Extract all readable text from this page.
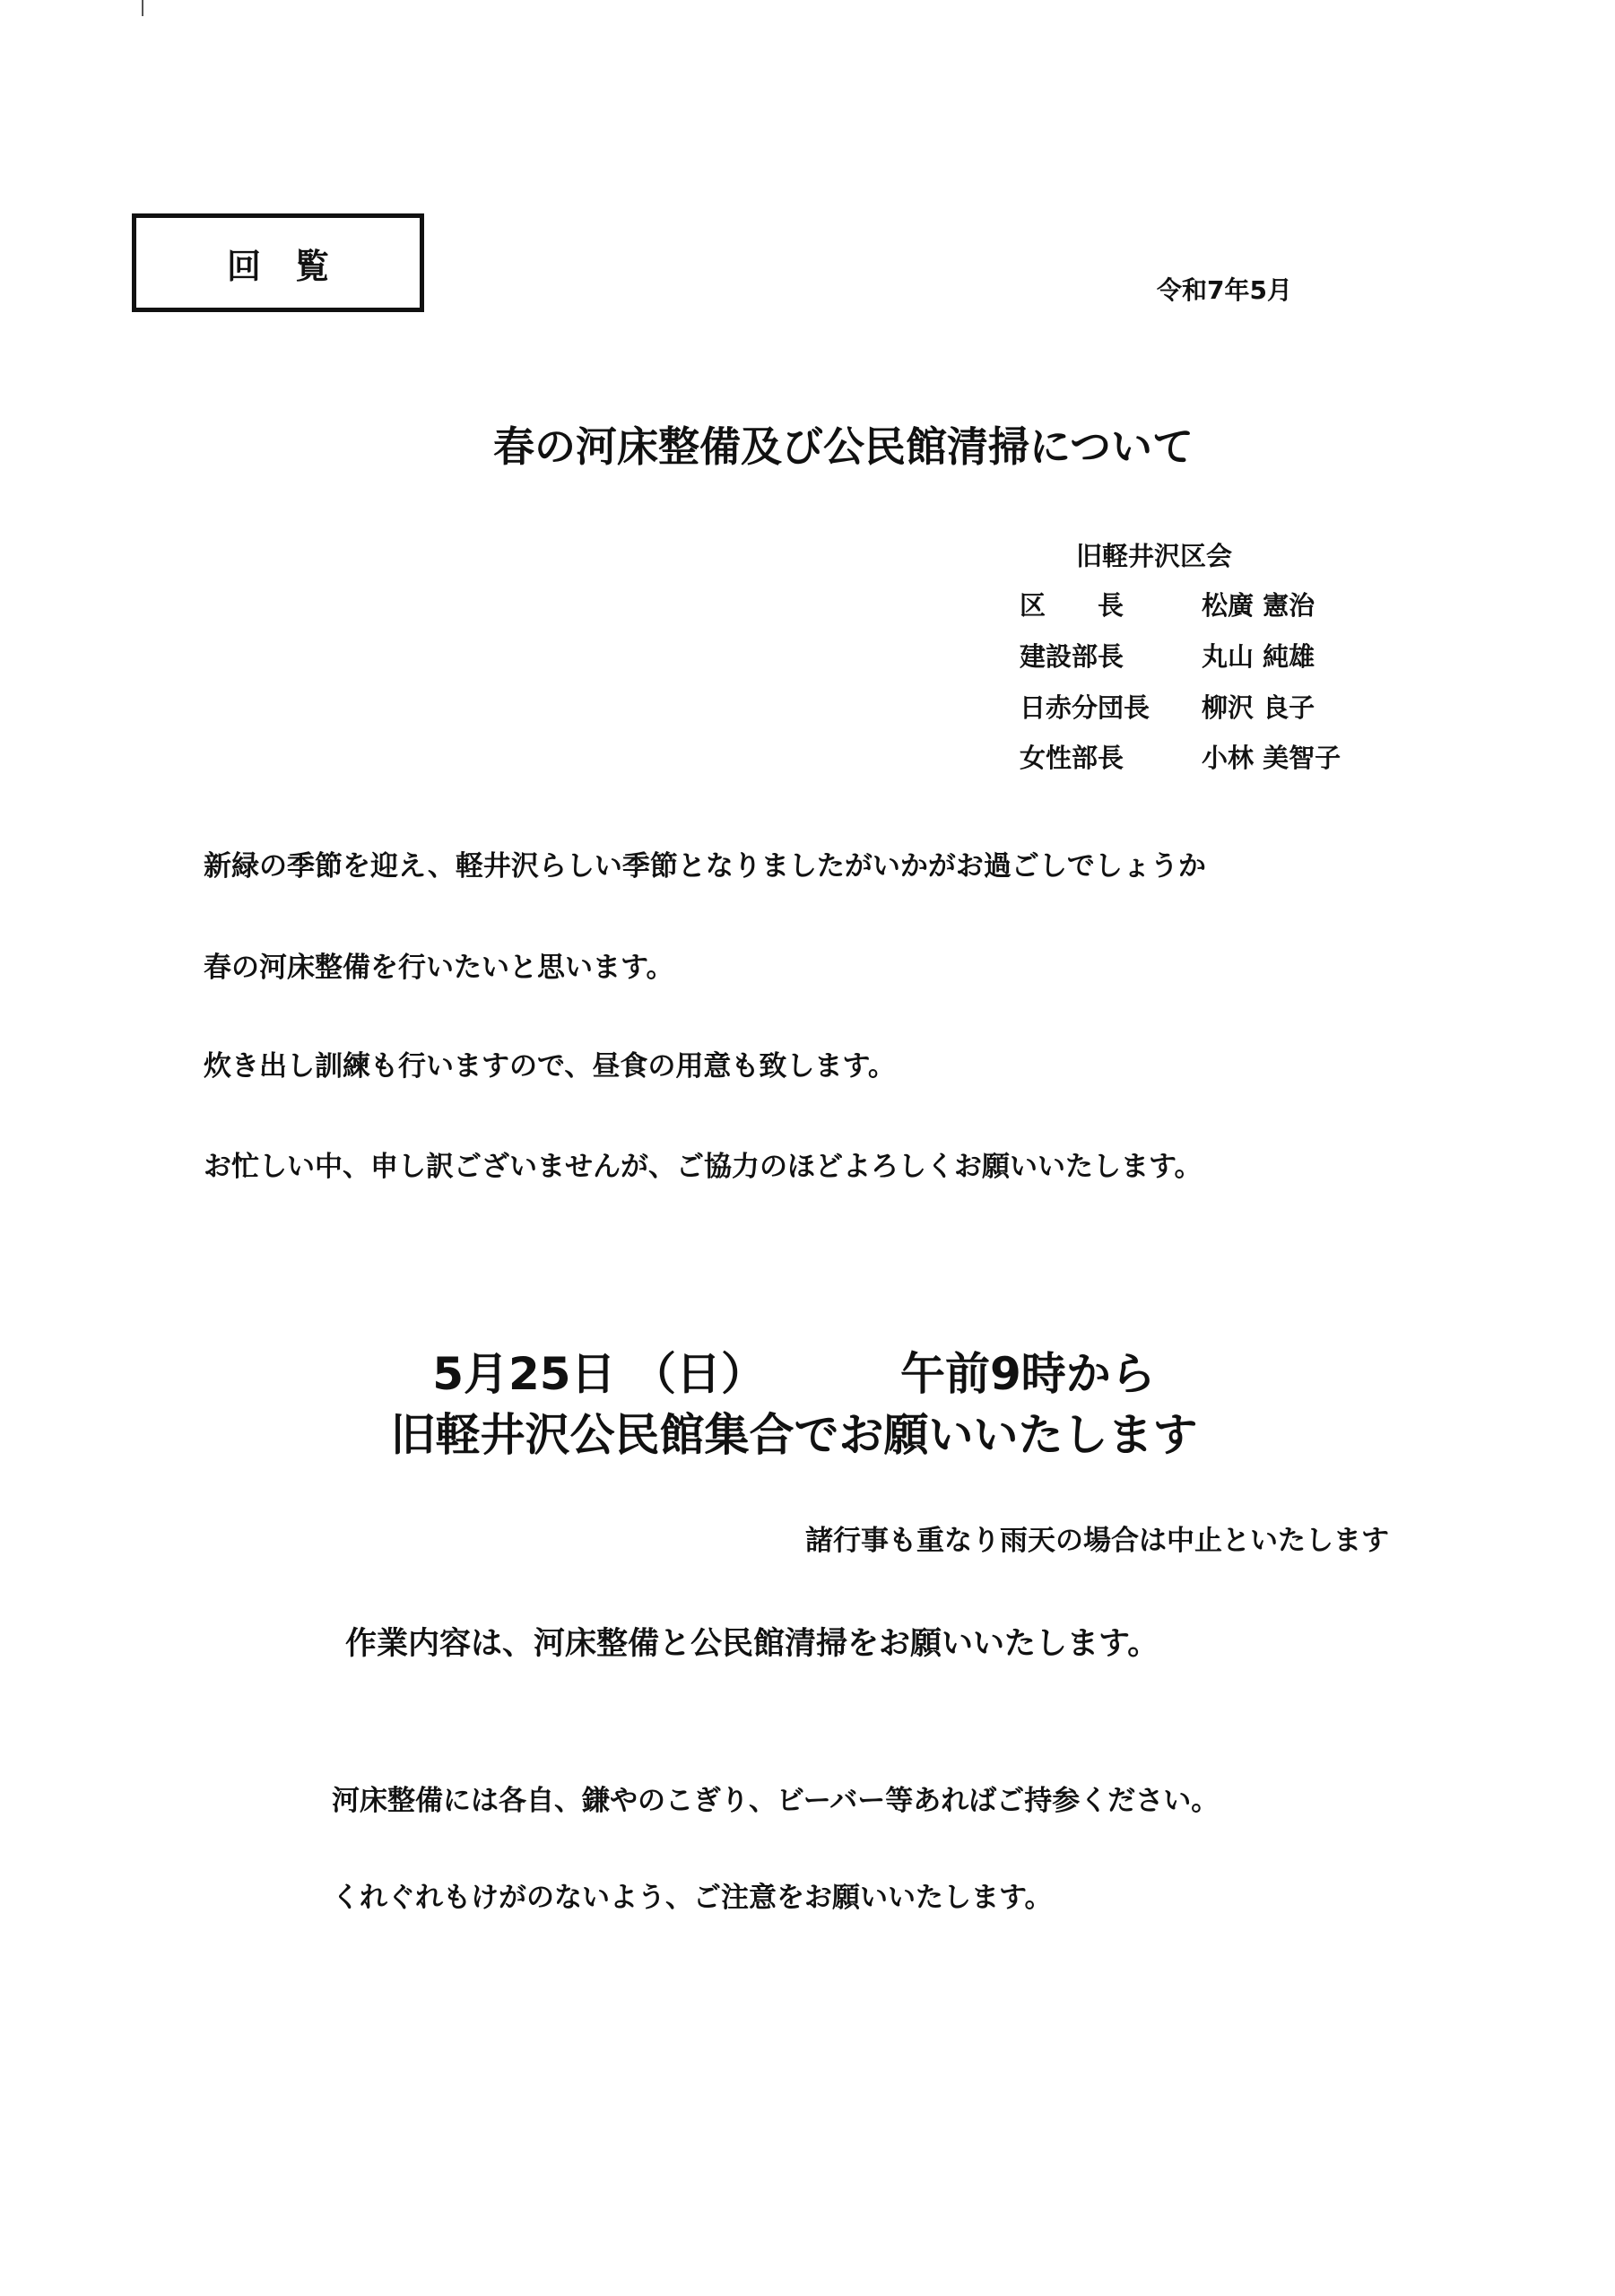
回覧
令和7年5月
春の河床整備及び公民館清掃について
旧軽井沢区会
区　　長	松廣 憲治
建設部長	丸山 純雄
日赤分団長 柳沢 良子
女性部長	小林 美智子
新緑の季節を迎え、軽井沢らしい季節となりましたがいかがお過ごしでしょうか
春の河床整備を行いたいと思います。
炊き出し訓練も行いますので、昼食の用意も致します。
お忙しい中、申し訳ございませんが、ご協力のほどよろしくお願いいたします。
5月25日 （日）	午前9時から
旧軽井沢公民館集合でお願いいたします
諸行事も重なり雨天の場合は中止といたします
作業内容は、河床整備と公民館清掃をお願いいたします。
河床整備には各自、鎌やのこぎり、ビーバー等あればご持参ください。
くれぐれもけがのないよう、ご注意をお願いいたします。
